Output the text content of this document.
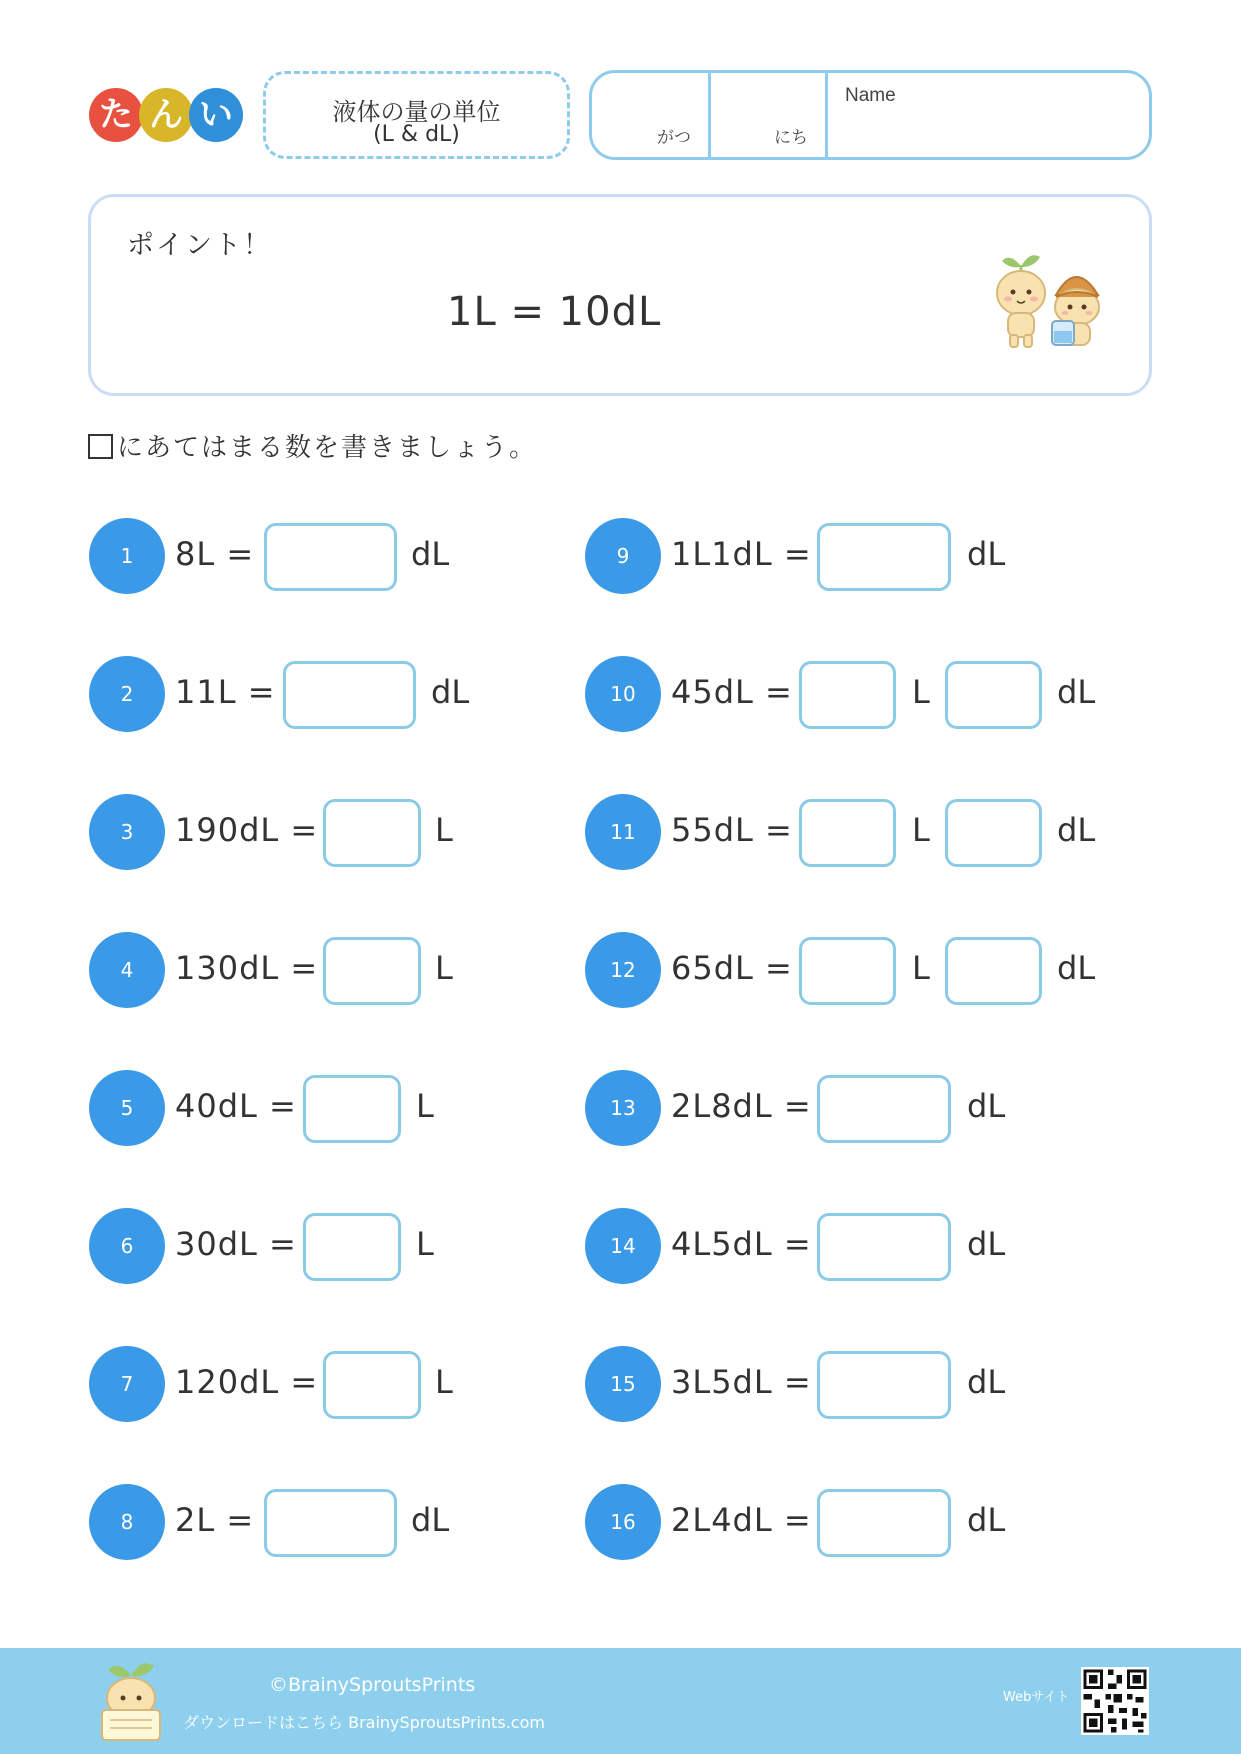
た ん い	液体の量の単位
(L & dL)	がつ	にち
Name
ポイント！
1L = 10dL
にあてはまる数を書きましょう。
1	8L =	dL
2	11L =	dL
3	190dL =	L
4	130dL =	L
5	40dL =	L
6	30dL =	L
7	120dL =	L
8	2L =	dL
9	1L1dL =	dL
10	45dL =	L	dL
11	55dL =	L	dL
12	65dL =	L	dL
13	2L8dL =	dL
14	4L5dL =	dL
15	3L5dL =	dL
16	2L4dL =	dL
©BrainySproutsPrints
ダウンロードはこちら BrainySproutsPrints.com
Webサイト
